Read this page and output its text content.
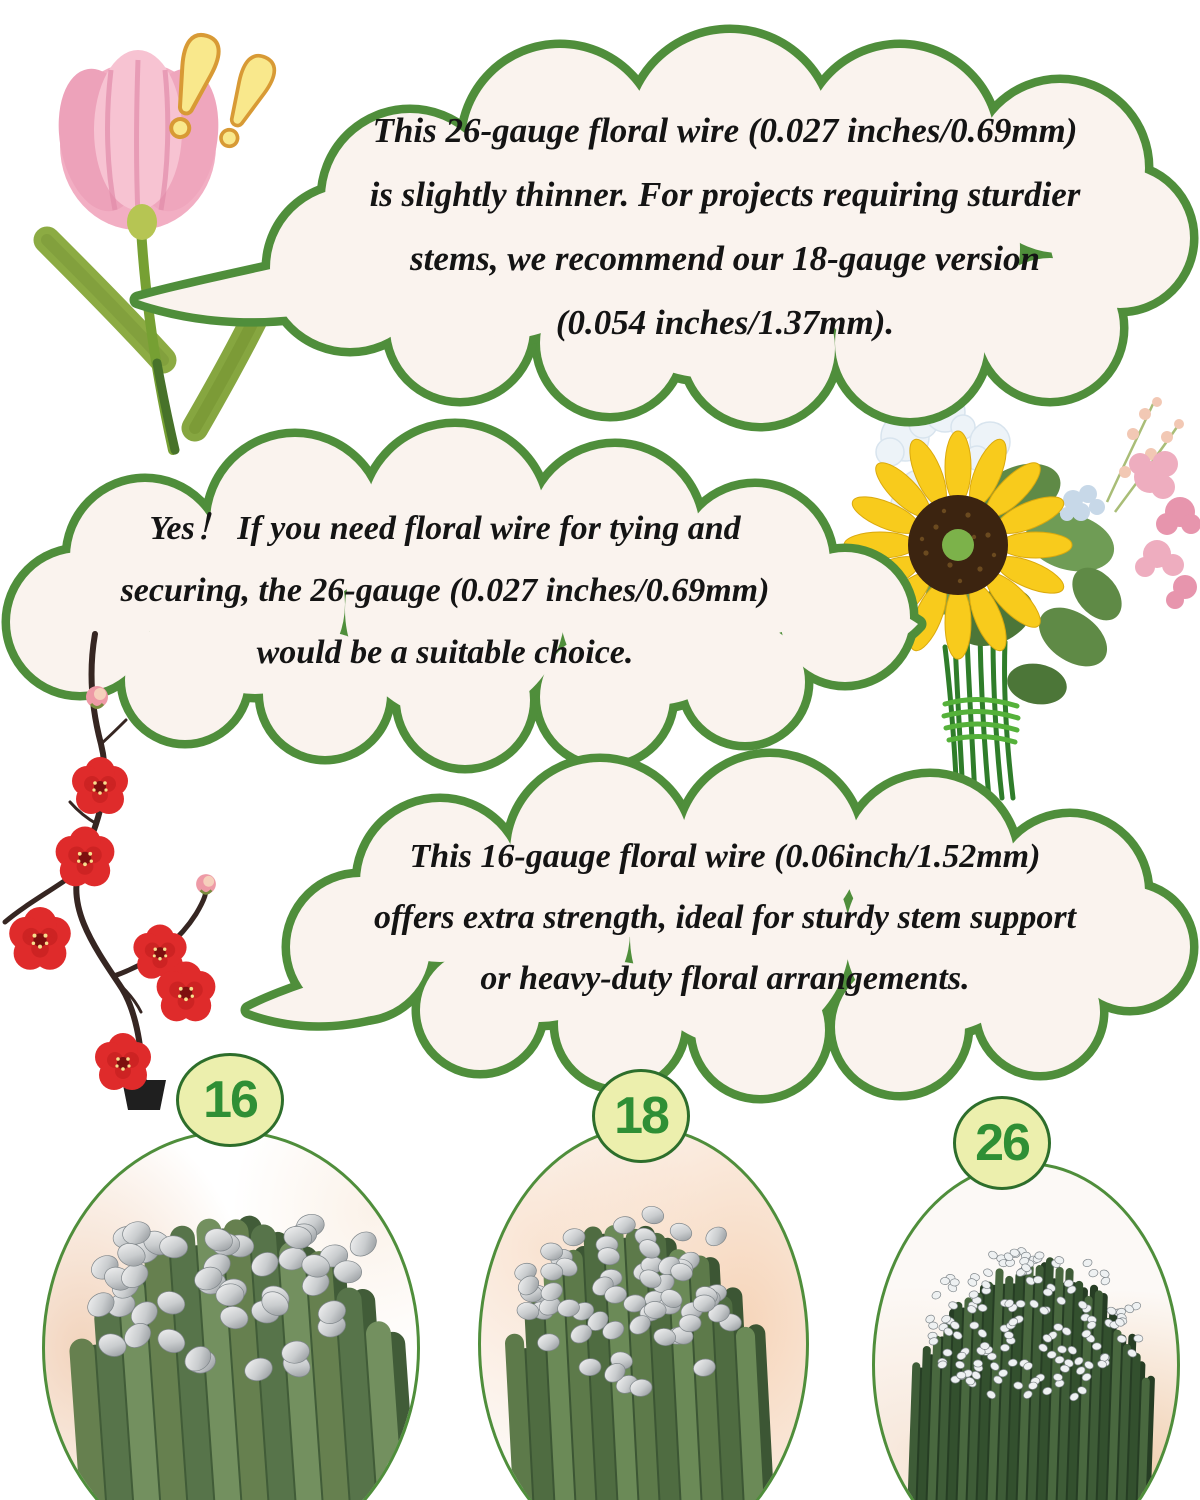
This 26-gauge floral wire (0.027 inches/0.69mm)
is slightly thinner. For projects requiring sturdier
stems, we recommend our 18-gauge version
(0.054 inches/1.37mm).
Yes！ If you need floral wire for tying and
securing, the 26-gauge (0.027 inches/0.69mm)
would be a suitable choice.
This 16-gauge floral wire (0.06inch/1.52mm)
offers extra strength, ideal for sturdy stem support
or heavy-duty floral arrangements.
16	18	26
